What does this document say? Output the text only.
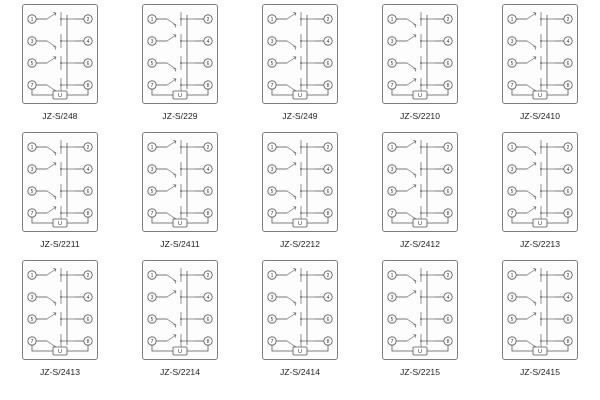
1	2
3	4
5	6
7	8
U
JZ-S/248
1	2
3	4
5	6
7	8
U
JZ-S/229
1	2
3	4
5	6
7	8
U
JZ-S/249
1	2
3	4
5	6
7	8
U
JZ-S/2210
1	2
3	4
5	6
7	8
U
JZ-S/2410
1	2
3	4
5	6
7	8
U
JZ-S/2211
1	2
3	4
5	6
7	8
U
JZ-S/2411
1	2
3	4
5	6
7	8
U
JZ-S/2212
1	2
3	4
5	6
7	8
U
JZ-S/2412
1	2
3	4
5	6
7	8
U
JZ-S/2213
1	2
3	4
5	6
7	8
U
JZ-S/2413
1	2
3	4
5	6
7	8
U
JZ-S/2214
1	2
3	4
5	6
7	8
U
JZ-S/2414
1	2
3	4
5	6
7	8
U
JZ-S/2215
1	2
3	4
5	6
7	8
U
JZ-S/2415
